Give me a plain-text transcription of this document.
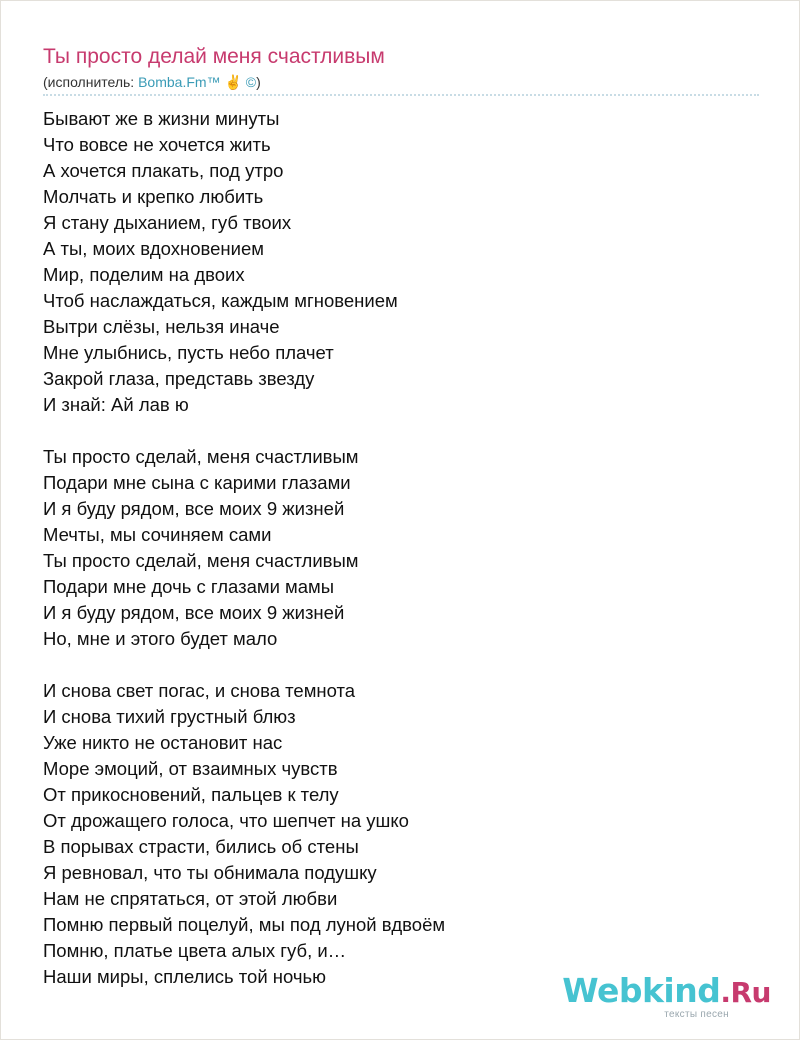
Ты просто делай меня счастливым
(исполнитель: Bomba.Fm™ ✌ ©)
Бывают же в жизни минуты
Что вовсе не хочется жить
А хочется плакать, под утро
Молчать и крепко любить
Я стану дыханием, губ твоих
А ты, моих вдохновением
Мир, поделим на двоих
Чтоб наслаждаться, каждым мгновением
Вытри слёзы, нельзя иначе
Мне улыбнись, пусть небо плачет
Закрой глаза, представь звезду
И знай: Ай лав ю
Ты просто сделай, меня счастливым
Подари мне сына с карими глазами
И я буду рядом, все моих 9 жизней
Мечты, мы сочиняем сами
Ты просто сделай, меня счастливым
Подари мне дочь с глазами мамы
И я буду рядом, все моих 9 жизней
Но, мне и этого будет мало
И снова свет погас, и снова темнота
И снова тихий грустный блюз
Уже никто не остановит нас
Море эмоций, от взаимных чувств
От прикосновений, пальцев к телу
От дрожащего голоса, что шепчет на ушко
В порывах страсти, бились об стены
Я ревновал, что ты обнимала подушку
Нам не спрятаться, от этой любви
Помню первый поцелуй, мы под луной вдвоём
Помню, платье цвета алых губ, и…
Наши миры, сплелись той ночью	Webkind.Ru
тексты песен
